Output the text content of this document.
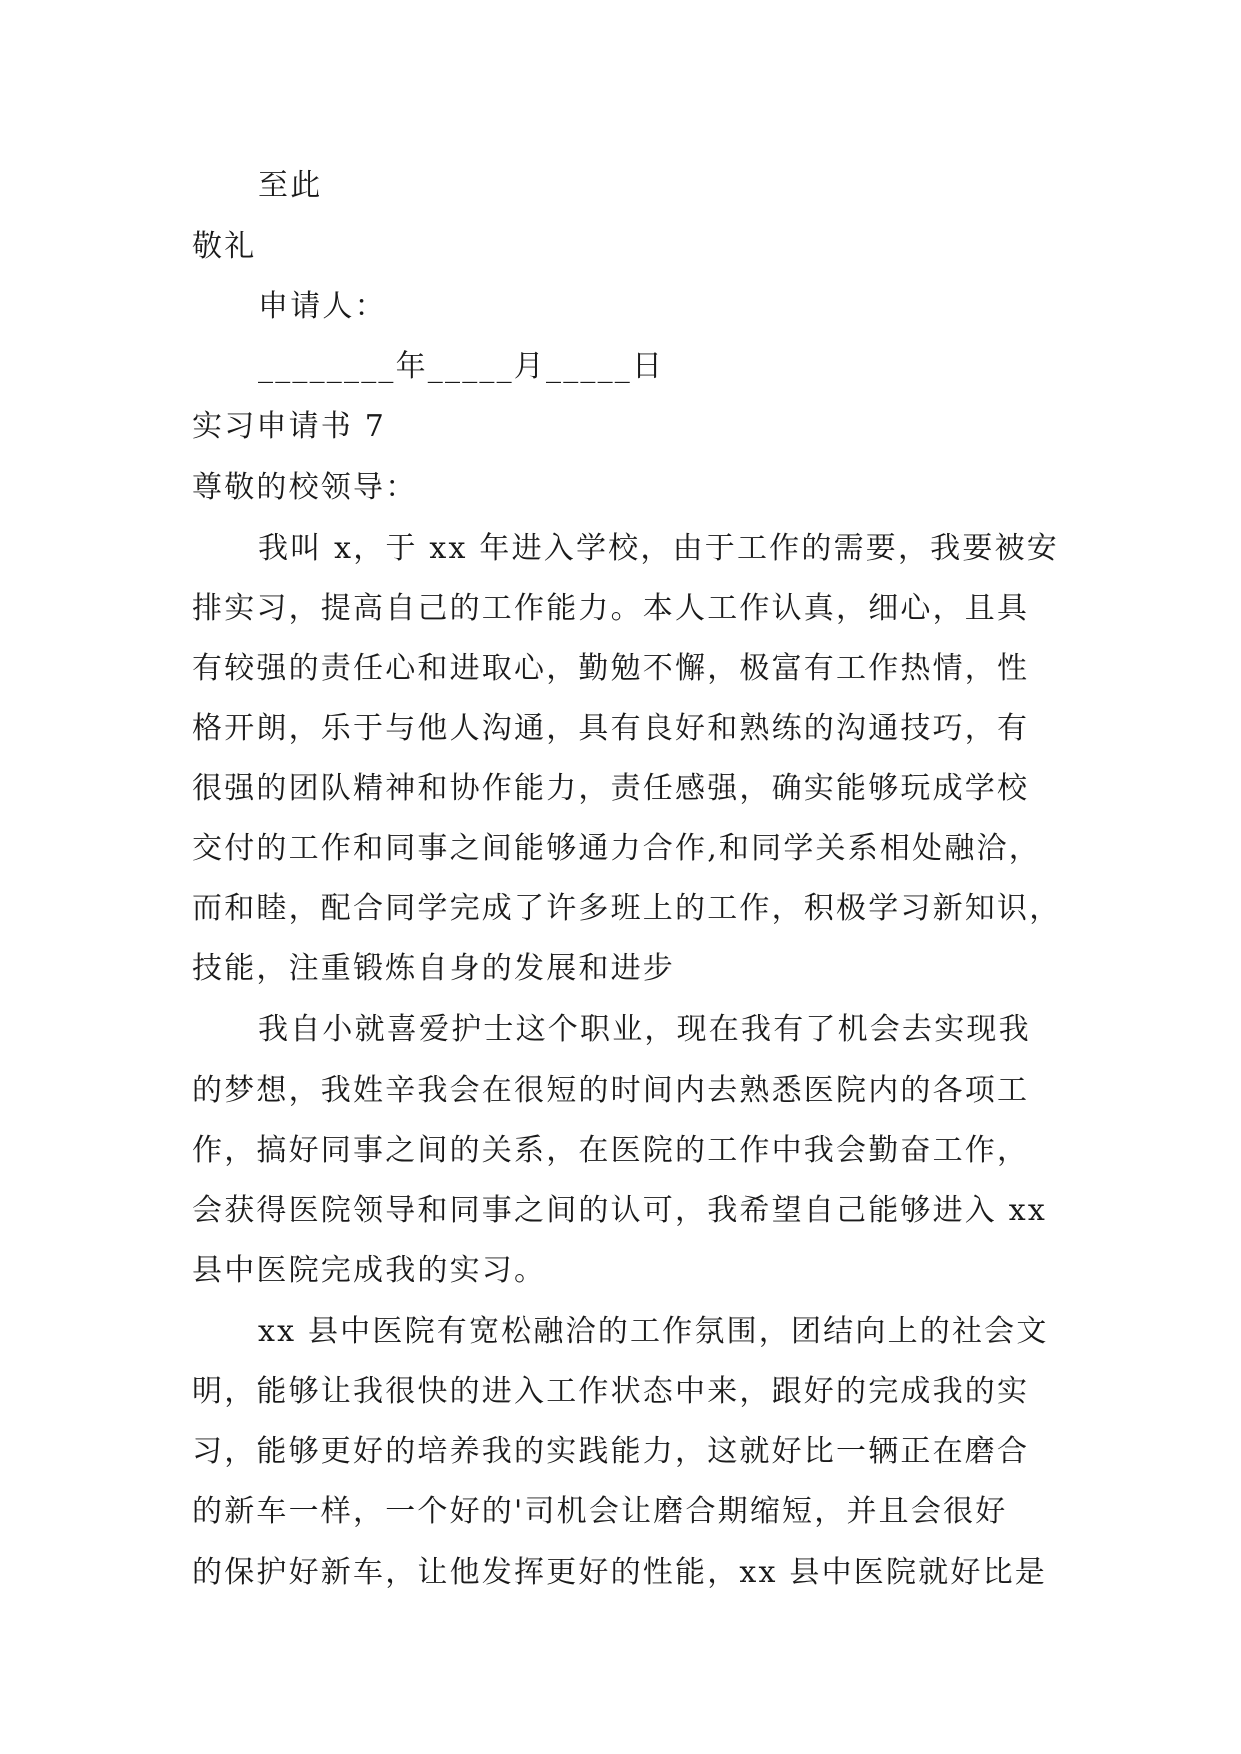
至此
敬礼
申请人：
________年_____月_____日
实习申请书 7
尊敬的校领导：
我叫 x，于 xx 年进入学校，由于工作的需要，我要被安
排实习，提高自己的工作能力。本人工作认真，细心，且具
有较强的责任心和进取心，勤勉不懈，极富有工作热情，性
格开朗，乐于与他人沟通，具有良好和熟练的沟通技巧，有
很强的团队精神和协作能力，责任感强，确实能够玩成学校
交付的工作和同事之间能够通力合作,和同学关系相处融洽，
而和睦，配合同学完成了许多班上的工作，积极学习新知识，
技能，注重锻炼自身的发展和进步
我自小就喜爱护士这个职业，现在我有了机会去实现我
的梦想，我姓辛我会在很短的时间内去熟悉医院内的各项工
作，搞好同事之间的关系，在医院的工作中我会勤奋工作，
会获得医院领导和同事之间的认可，我希望自己能够进入 xx
县中医院完成我的实习。
xx 县中医院有宽松融洽的工作氛围，团结向上的社会文
明，能够让我很快的进入工作状态中来，跟好的完成我的实
习，能够更好的培养我的实践能力，这就好比一辆正在磨合
的新车一样，一个好的'司机会让磨合期缩短，并且会很好
的保护好新车，让他发挥更好的性能，xx 县中医院就好比是
